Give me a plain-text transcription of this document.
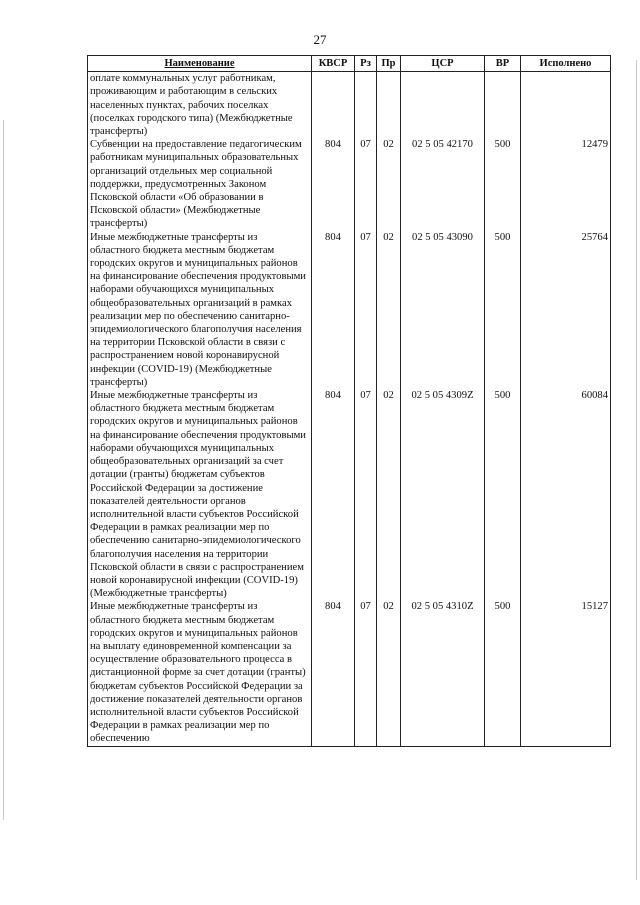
27
Наименование	КВСР	Рз	Пр	ЦСР	ВР	Исполнено
оплате коммунальных услуг работникам, проживающим и работающим в сельских населенных пунктах, рабочих поселках (поселках городского типа) (Межбюджетные трансферты)						
Субвенции на предоставление педагогическим работникам муниципальных образовательных организаций отдельных мер социальной поддержки, предусмотренных Законом Псковской области «Об образовании в Псковской области» (Межбюджетные трансферты)	804	07	02	02 5 05 42170	500	12479
Иные межбюджетные трансферты из областного бюджета местным бюджетам городских округов и муниципальных районов на финансирование обеспечения продуктовыми наборами обучающихся муниципальных общеобразовательных организаций в рамках реализации мер по обеспечению санитарно-эпидемиологического благополучия населения на территории Псковской области в связи с распространением новой коронавирусной инфекции (COVID-19) (Межбюджетные трансферты)	804	07	02	02 5 05 43090	500	25764
Иные межбюджетные трансферты из областного бюджета местным бюджетам городских округов и муниципальных районов на финансирование обеспечения продуктовыми наборами обучающихся муниципальных общеобразовательных организаций за счет дотации (гранты) бюджетам субъектов Российской Федерации за достижение показателей деятельности органов исполнительной власти субъектов Российской Федерации в рамках реализации мер по обеспечению санитарно-эпидемиологического благополучия населения на территории Псковской области в связи с распространением новой коронавирусной инфекции (COVID-19) (Межбюджетные трансферты)	804	07	02	02 5 05 4309Z	500	60084
Иные межбюджетные трансферты из областного бюджета местным бюджетам городских округов и муниципальных районов на выплату единовременной компенсации за осуществление образовательного процесса в дистанционной форме за счет дотации (гранты) бюджетам субъектов Российской Федерации за достижение показателей деятельности органов исполнительной власти субъектов Российской Федерации в рамках реализации мер по обеспечению	804	07	02	02 5 05 4310Z	500	15127
